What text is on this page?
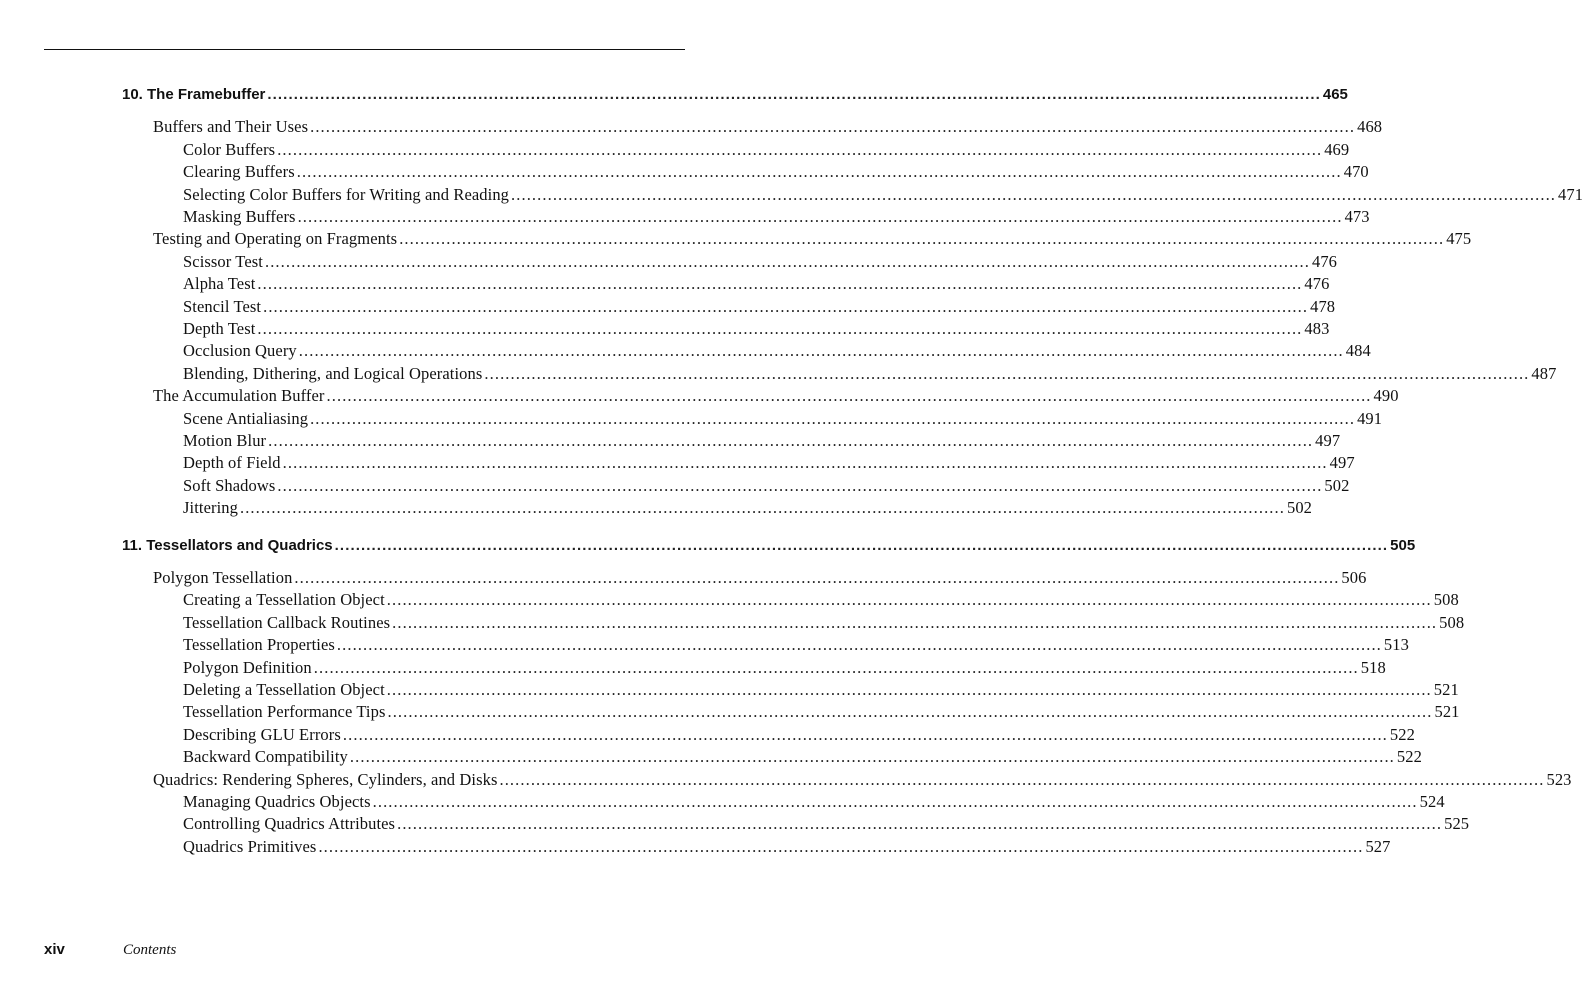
10. The Framebuffer ........................................................................................................................................................................................................ 465
Buffers and Their Uses ........................................................................................................................................................................................................ 468
Color Buffers ........................................................................................................................................................................................................ 469
Clearing Buffers ........................................................................................................................................................................................................ 470
Selecting Color Buffers for Writing and Reading ........................................................................................................................................................................................................ 471
Masking Buffers ........................................................................................................................................................................................................ 473
Testing and Operating on Fragments ........................................................................................................................................................................................................ 475
Scissor Test ........................................................................................................................................................................................................ 476
Alpha Test ........................................................................................................................................................................................................ 476
Stencil Test ........................................................................................................................................................................................................ 478
Depth Test ........................................................................................................................................................................................................ 483
Occlusion Query ........................................................................................................................................................................................................ 484
Blending, Dithering, and Logical Operations ........................................................................................................................................................................................................ 487
The Accumulation Buffer ........................................................................................................................................................................................................ 490
Scene Antialiasing ........................................................................................................................................................................................................ 491
Motion Blur ........................................................................................................................................................................................................ 497
Depth of Field ........................................................................................................................................................................................................ 497
Soft Shadows ........................................................................................................................................................................................................ 502
Jittering ........................................................................................................................................................................................................ 502
11. Tessellators and Quadrics ........................................................................................................................................................................................................ 505
Polygon Tessellation ........................................................................................................................................................................................................ 506
Creating a Tessellation Object ........................................................................................................................................................................................................ 508
Tessellation Callback Routines ........................................................................................................................................................................................................ 508
Tessellation Properties ........................................................................................................................................................................................................ 513
Polygon Definition ........................................................................................................................................................................................................ 518
Deleting a Tessellation Object ........................................................................................................................................................................................................ 521
Tessellation Performance Tips ........................................................................................................................................................................................................ 521
Describing GLU Errors ........................................................................................................................................................................................................ 522
Backward Compatibility ........................................................................................................................................................................................................ 522
Quadrics: Rendering Spheres, Cylinders, and Disks ........................................................................................................................................................................................................ 523
Managing Quadrics Objects ........................................................................................................................................................................................................ 524
Controlling Quadrics Attributes ........................................................................................................................................................................................................ 525
Quadrics Primitives ........................................................................................................................................................................................................ 527
xiv	Contents
